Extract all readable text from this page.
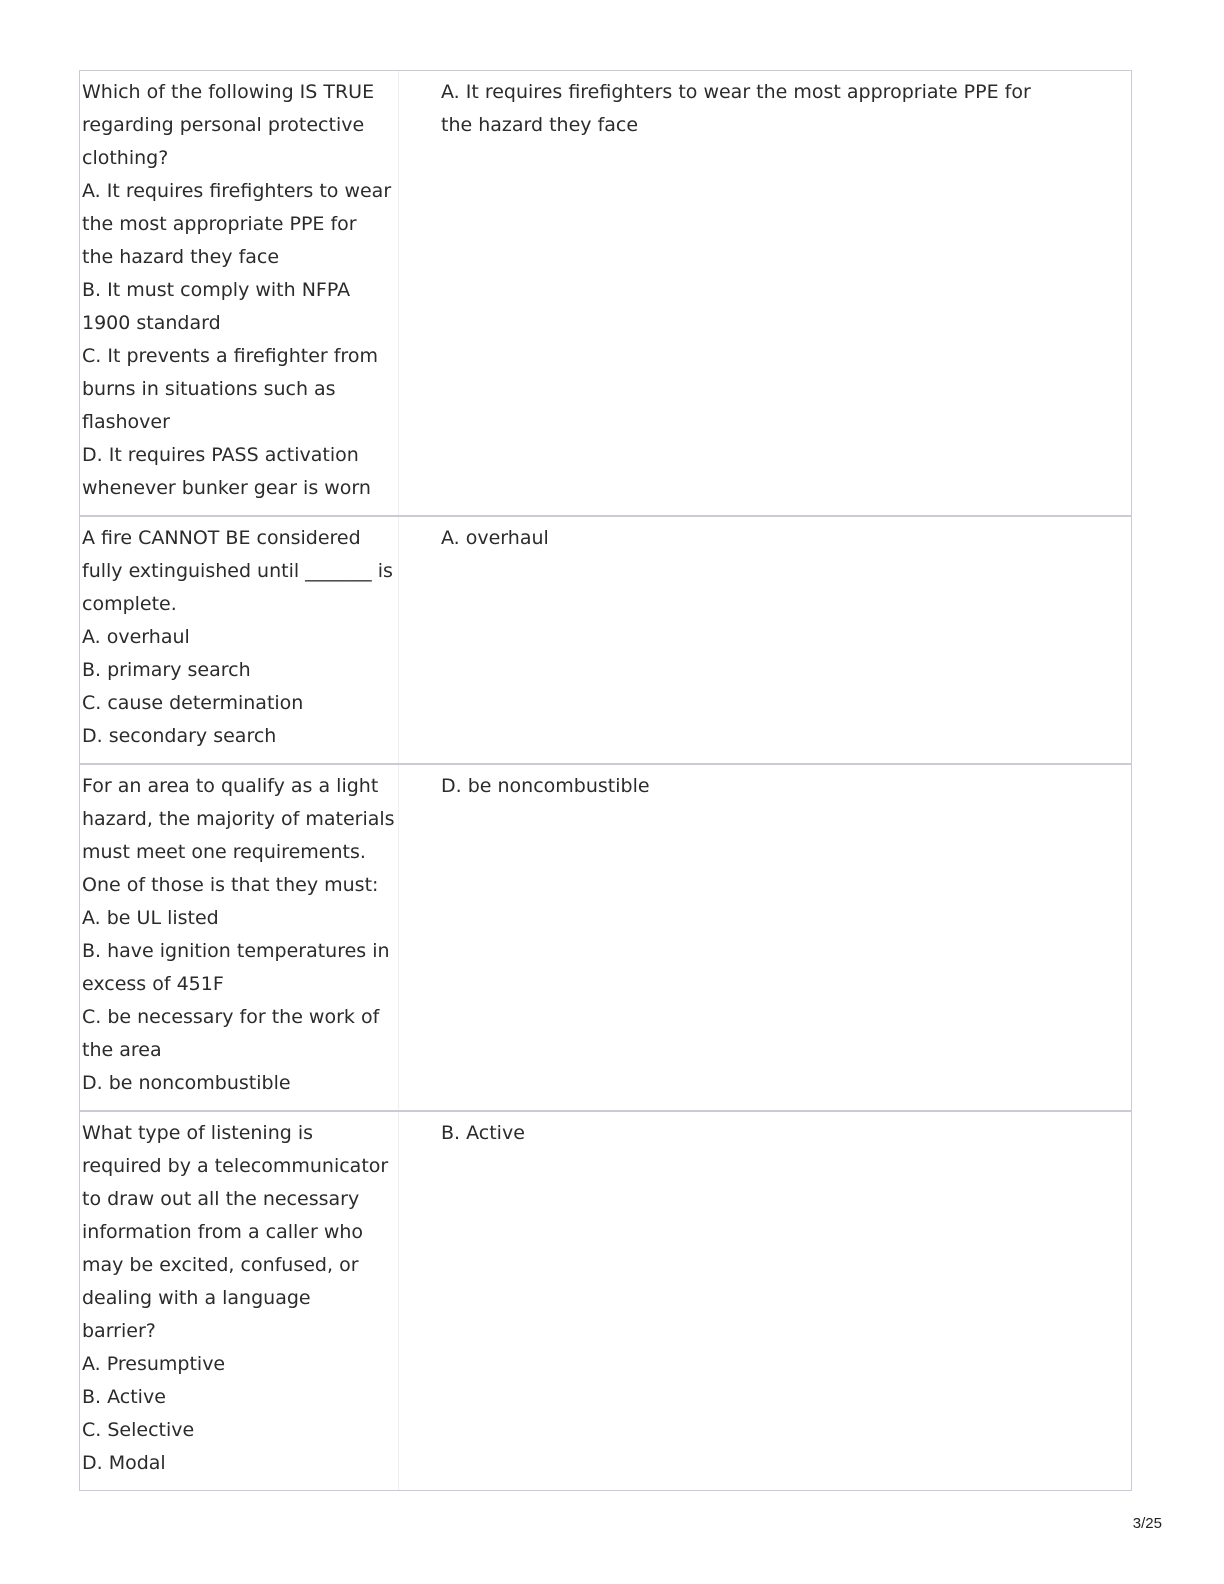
Which of the following IS TRUE
regarding personal protective
clothing?
A. It requires firefighters to wear
the most appropriate PPE for
the hazard they face
B. It must comply with NFPA
1900 standard
C. It prevents a firefighter from
burns in situations such as
flashover
D. It requires PASS activation
whenever bunker gear is worn
A. It requires firefighters to wear the most appropriate PPE for
the hazard they face
A fire CANNOT BE considered
fully extinguished until _______ is
complete.
A. overhaul
B. primary search
C. cause determination
D. secondary search
A. overhaul
For an area to qualify as a light
hazard, the majority of materials
must meet one requirements.
One of those is that they must:
A. be UL listed
B. have ignition temperatures in
excess of 451F
C. be necessary for the work of
the area
D. be noncombustible
D. be noncombustible
What type of listening is
required by a telecommunicator
to draw out all the necessary
information from a caller who
may be excited, confused, or
dealing with a language
barrier?
A. Presumptive
B. Active
C. Selective
D. Modal
B. Active
3/25
